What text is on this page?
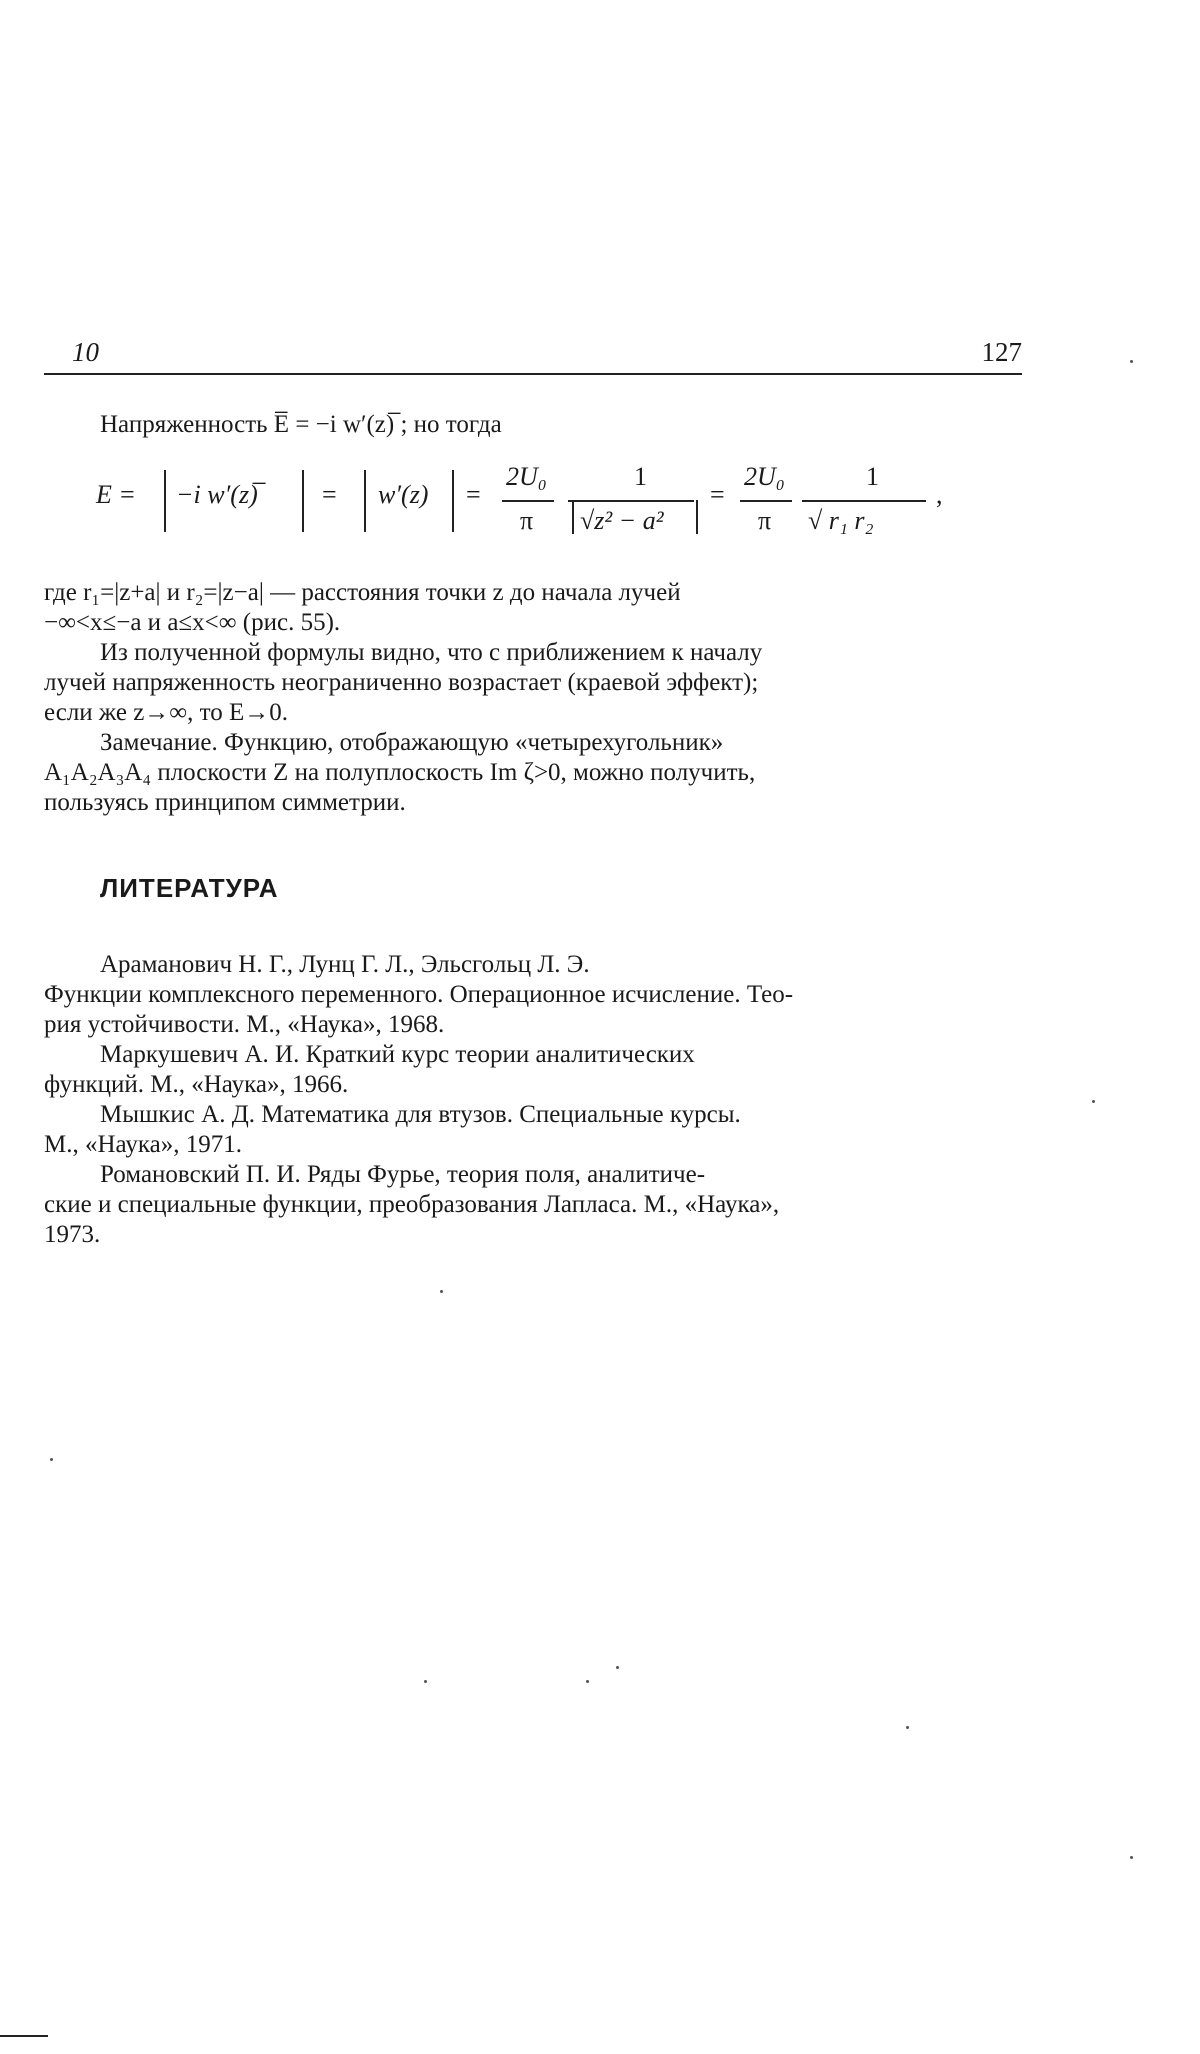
10	127
Напряженность E̅ = −i w′(z)̅ ; но тогда
E = −i w′(z)̅ = w′(z) =
2U₀
π
1
√z² − a²
=
2U₀
π
1
√ r₁ r₂
,
где r₁=|z+a| и r₂=|z−a| — расстояния точки z до начала лучей
−∞<x≤−a и a≤x<∞ (рис. 55).
Из полученной формулы видно, что с приближением к началу
лучей напряженность неограниченно возрастает (краевой эффект);
если же z→∞, то E→0.
Замечание. Функцию, отображающую «четырехугольник»
A₁A₂A₃A₄ плоскости Z на полуплоскость Im ζ>0, можно получить,
пользуясь принципом симметрии.
ЛИТЕРАТУРА
Араманович Н. Г., Лунц Г. Л., Эльсгольц Л. Э.
Функции комплексного переменного. Операционное исчисление. Тео-
рия устойчивости. М., «Наука», 1968.
Маркушевич А. И. Краткий курс теории аналитических
функций. М., «Наука», 1966.
Мышкис А. Д. Математика для втузов. Специальные курсы.
М., «Наука», 1971.
Романовский П. И. Ряды Фурье, теория поля, аналитиче-
ские и специальные функции, преобразования Лапласа. М., «Наука»,
1973.
